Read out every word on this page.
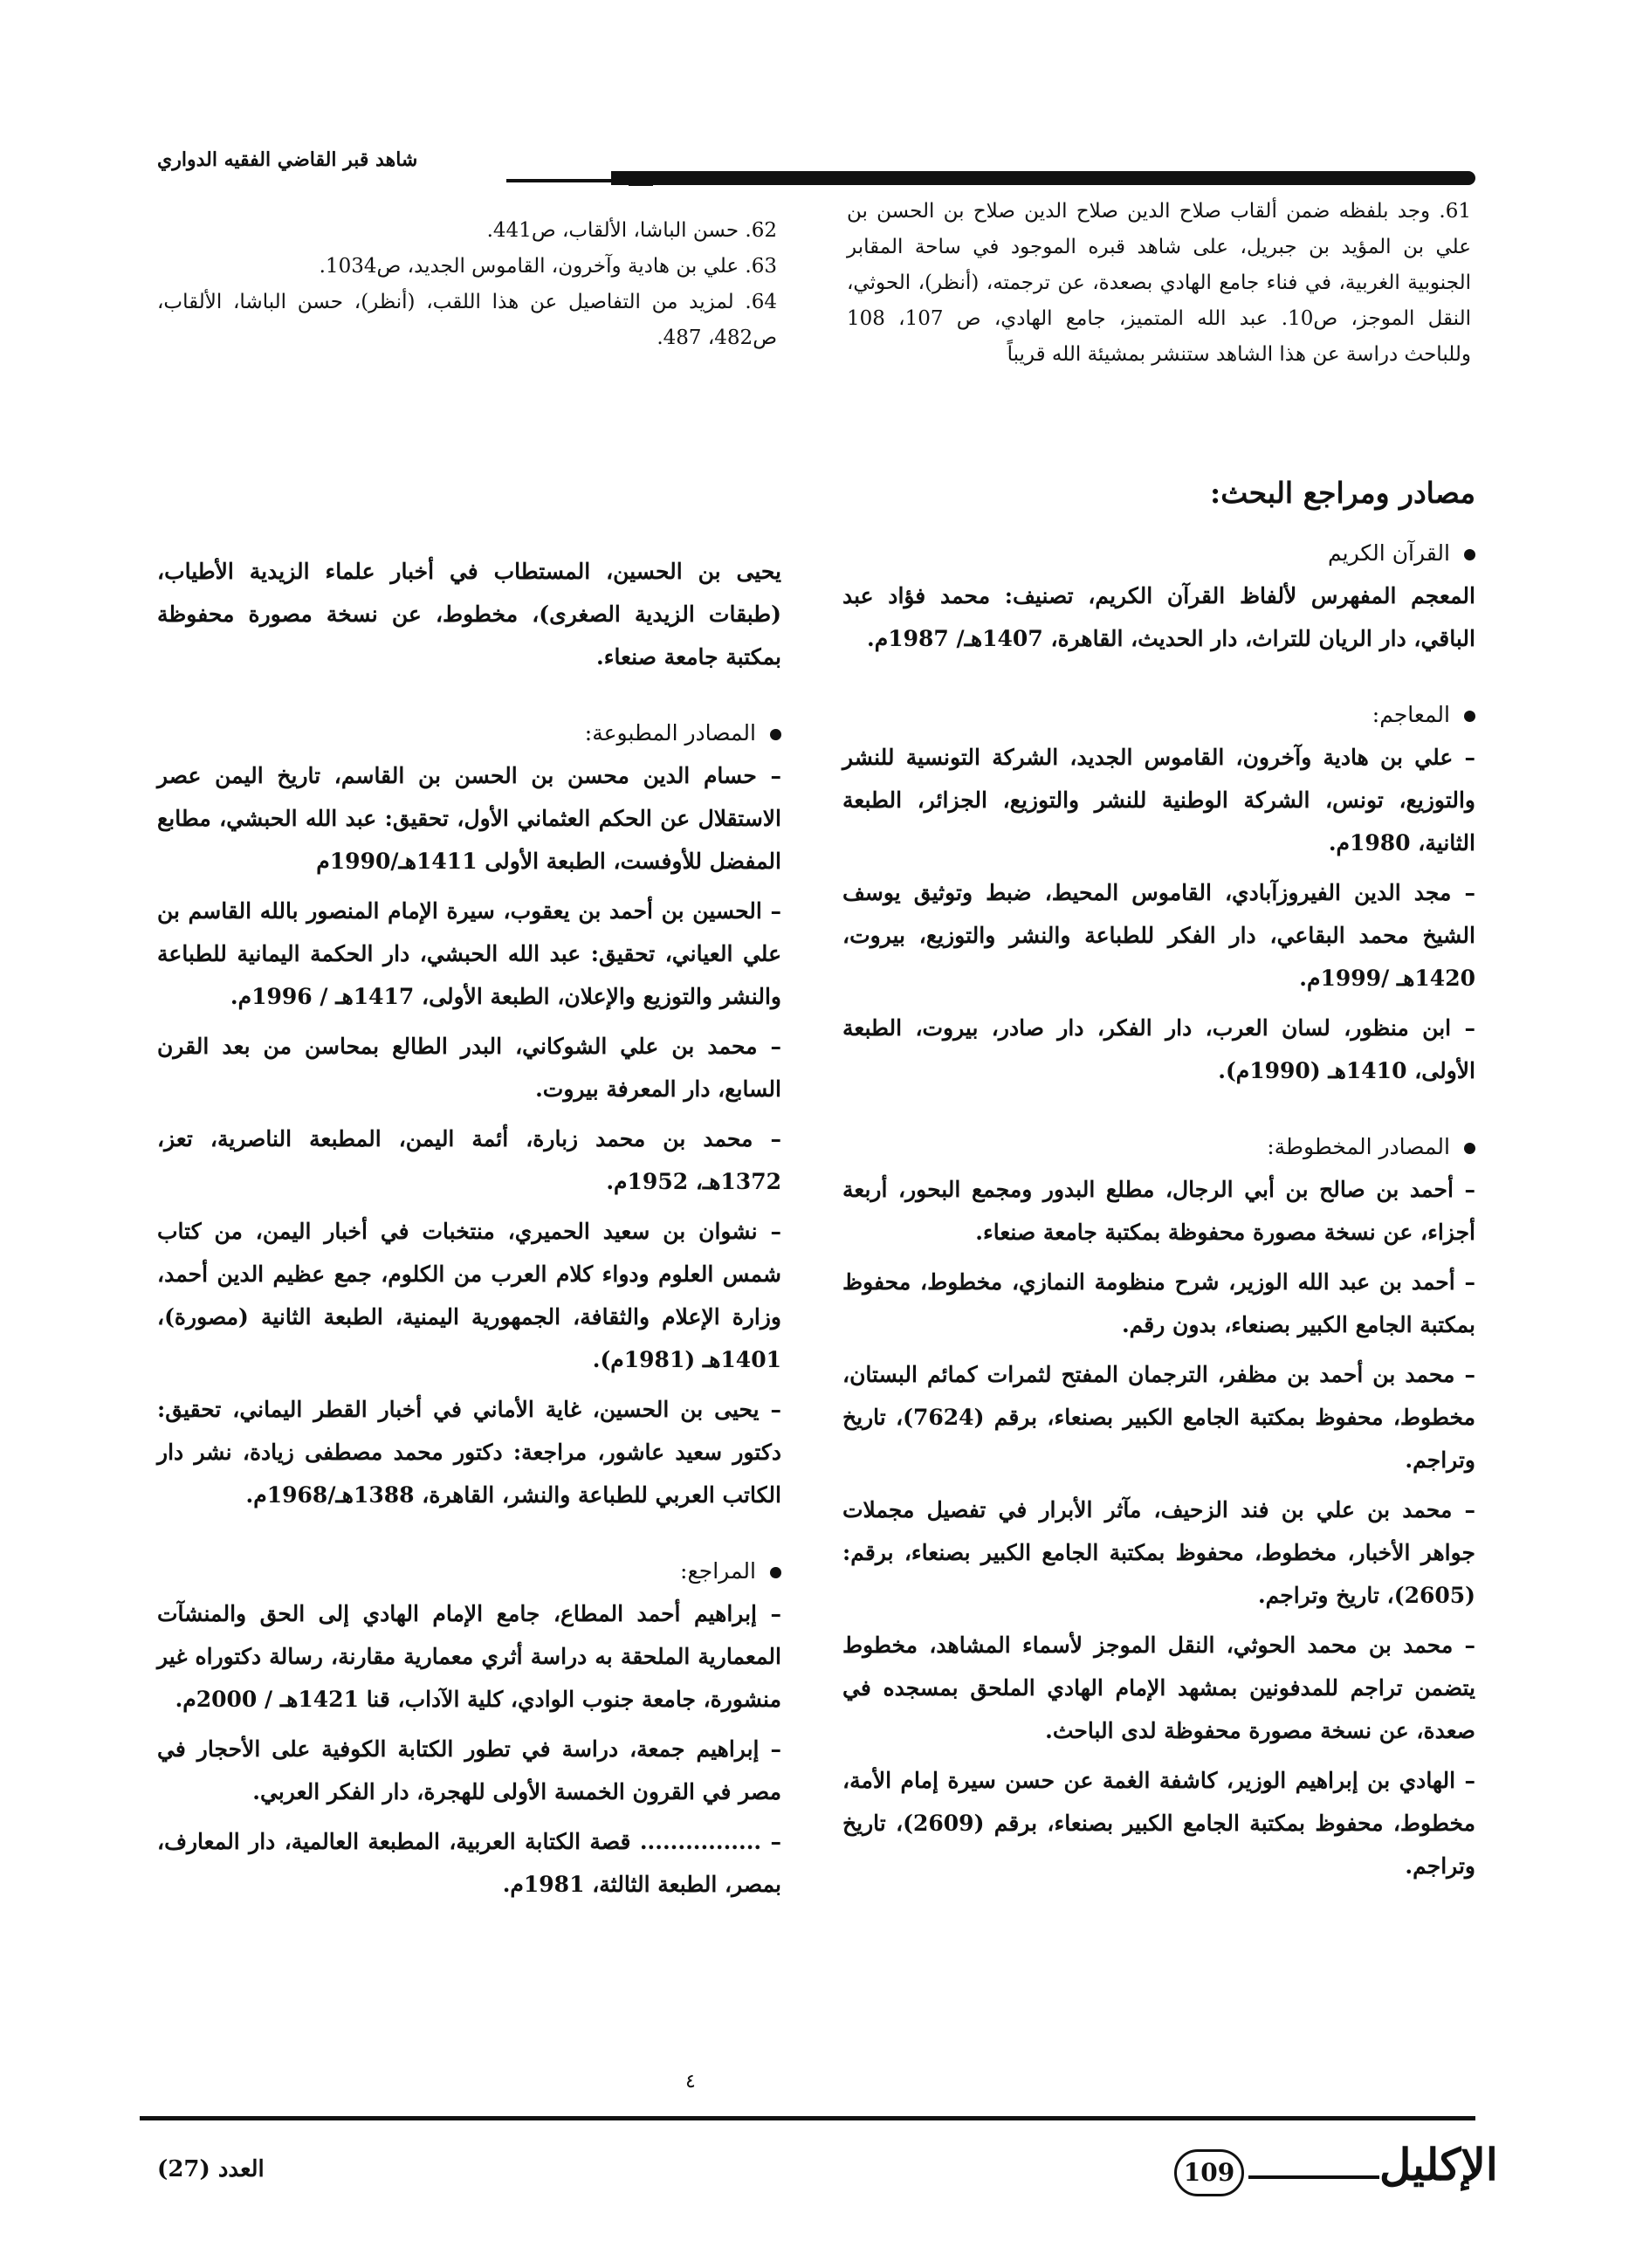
شاهد قبر القاضي الفقيه الدواري

61. وجد بلفظه ضمن ألقاب صلاح الدين صلاح الدين صلاح بن الحسن بن علي بن المؤيد بن جبريل، على شاهد قبره الموجود في ساحة المقابر الجنوبية الغربية، في فناء جامع الهادي بصعدة، عن ترجمته، (أنظر)، الحوثي، النقل الموجز، ص10. عبد الله المتميز، جامع الهادي، ص 107، 108 وللباحث دراسة عن هذا الشاهد ستنشر بمشيئة الله قريباً

62. حسن الباشا، الألقاب، ص441.

63. علي بن هادية وآخرون، القاموس الجديد، ص1034.

64. لمزيد من التفاصيل عن هذا اللقب، (أنظر)، حسن الباشا، الألقاب، ص482، 487.

مصادر ومراجع البحث:

القرآن الكريم

المعجم المفهرس لألفاظ القرآن الكريم، تصنيف: محمد فؤاد عبد الباقي، دار الريان للتراث، دار الحديث، القاهرة، 1407هـ/ 1987م.

المعاجم:

– علي بن هادية وآخرون، القاموس الجديد، الشركة التونسية للنشر والتوزيع، تونس، الشركة الوطنية للنشر والتوزيع، الجزائر، الطبعة الثانية، 1980م.

– مجد الدين الفيروزآبادي، القاموس المحيط، ضبط وتوثيق يوسف الشيخ محمد البقاعي، دار الفكر للطباعة والنشر والتوزيع، بيروت، 1420هـ /1999م.

– ابن منظور، لسان العرب، دار الفكر، دار صادر، بيروت، الطبعة الأولى، 1410هـ (1990م).

المصادر المخطوطة:

– أحمد بن صالح بن أبي الرجال، مطلع البدور ومجمع البحور، أربعة أجزاء، عن نسخة مصورة محفوظة بمكتبة جامعة صنعاء.

– أحمد بن عبد الله الوزير، شرح منظومة النمازي، مخطوط، محفوظ بمكتبة الجامع الكبير بصنعاء، بدون رقم.

– محمد بن أحمد بن مظفر، الترجمان المفتح لثمرات كمائم البستان، مخطوط، محفوظ بمكتبة الجامع الكبير بصنعاء، برقم (7624)، تاريخ وتراجم.

– محمد بن علي بن فند الزحيف، مآثر الأبرار في تفصيل مجملات جواهر الأخبار، مخطوط، محفوظ بمكتبة الجامع الكبير بصنعاء، برقم: (2605)، تاريخ وتراجم.

– محمد بن محمد الحوثي، النقل الموجز لأسماء المشاهد، مخطوط يتضمن تراجم للمدفونين بمشهد الإمام الهادي الملحق بمسجده في صعدة، عن نسخة مصورة محفوظة لدى الباحث.

– الهادي بن إبراهيم الوزير، كاشفة الغمة عن حسن سيرة إمام الأمة، مخطوط، محفوظ بمكتبة الجامع الكبير بصنعاء، برقم (2609)، تاريخ وتراجم.

يحيى بن الحسين، المستطاب في أخبار علماء الزيدية الأطياب، (طبقات الزيدية الصغرى)، مخطوط، عن نسخة مصورة محفوظة بمكتبة جامعة صنعاء.

المصادر المطبوعة:

– حسام الدين محسن بن الحسن بن القاسم، تاريخ اليمن عصر الاستقلال عن الحكم العثماني الأول، تحقيق: عبد الله الحبشي، مطابع المفضل للأوفست، الطبعة الأولى 1411هـ/1990م

– الحسين بن أحمد بن يعقوب، سيرة الإمام المنصور بالله القاسم بن علي العياني، تحقيق: عبد الله الحبشي، دار الحكمة اليمانية للطباعة والنشر والتوزيع والإعلان، الطبعة الأولى، 1417هـ / 1996م.

– محمد بن علي الشوكاني، البدر الطالع بمحاسن من بعد القرن السابع، دار المعرفة بيروت.

– محمد بن محمد زبارة، أئمة اليمن، المطبعة الناصرية، تعز، 1372هـ، 1952م.

– نشوان بن سعيد الحميري، منتخبات في أخبار اليمن، من كتاب شمس العلوم ودواء كلام العرب من الكلوم، جمع عظيم الدين أحمد، وزارة الإعلام والثقافة، الجمهورية اليمنية، الطبعة الثانية (مصورة)، 1401هـ (1981م).

– يحيى بن الحسين، غاية الأماني في أخبار القطر اليماني، تحقيق: دكتور سعيد عاشور، مراجعة: دكتور محمد مصطفى زيادة، نشر دار الكاتب العربي للطباعة والنشر، القاهرة، 1388هـ/1968م.

المراجع:

– إبراهيم أحمد المطاع، جامع الإمام الهادي إلى الحق والمنشآت المعمارية الملحقة به دراسة أثري معمارية مقارنة، رسالة دكتوراه غير منشورة، جامعة جنوب الوادي، كلية الآداب، قنا 1421هـ / 2000م.

– إبراهيم جمعة، دراسة في تطور الكتابة الكوفية على الأحجار في مصر في القرون الخمسة الأولى للهجرة، دار الفكر العربي.

– ................ قصة الكتابة العربية، المطبعة العالمية، دار المعارف، بمصر، الطبعة الثالثة، 1981م.

٤
الإكليل
109
العدد (27)
